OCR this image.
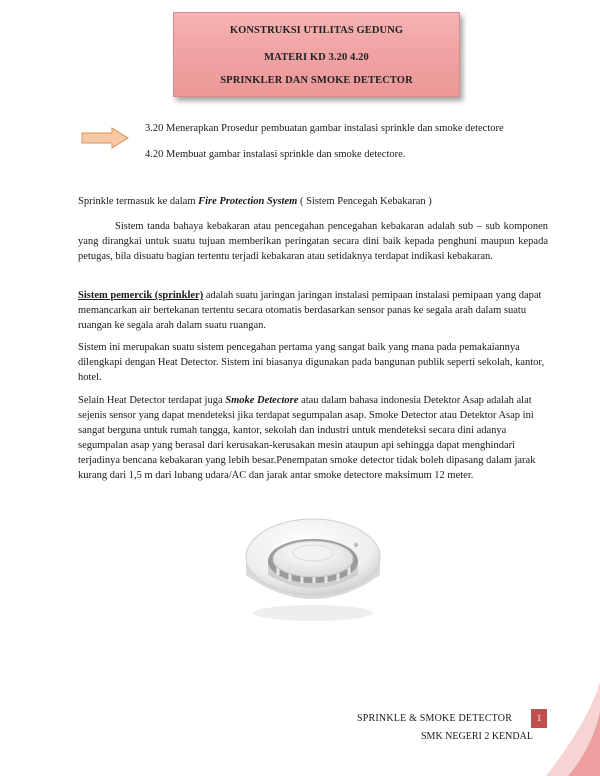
KONSTRUKSI UTILITAS GEDUNG
MATERI KD 3.20 4.20
SPRINKLER DAN SMOKE DETECTOR
3.20 Menerapkan Prosedur pembuatan gambar instalasi sprinkle dan smoke detectore
4.20 Membuat gambar instalasi sprinkle dan smoke detectore.
Sprinkle termasuk ke dalam Fire Protection System ( Sistem Pencegah Kebakaran )
Sistem tanda bahaya kebakaran atau pencegahan pencegahan kebakaran adalah sub – sub komponen yang dirangkai untuk suatu tujuan memberikan peringatan secara dini baik kepada penghuni maupun kepada petugas, bila disuatu bagian tertentu terjadi kebakaran atau setidaknya terdapat indikasi kebakaran.
Sistem pemercik (sprinkler) adalah suatu jaringan jaringan instalasi pemipaan instalasi pemipaan yang dapat memancarkan air bertekanan tertentu secara otomatis berdasarkan sensor panas ke segala arah dalam suatu ruangan ke segala arah dalam suatu ruangan.
Sistem ini merupakan suatu sistem pencegahan pertama yang sangat baik yang mana pada pemakaiannya dilengkapi dengan Heat Detector. Sistem ini biasanya digunakan pada bangunan publik seperti sekolah, kantor, hotel.
Selain Heat Detector terdapat juga Smoke Detectore atau dalam bahasa indonesia Detektor Asap adalah alat sejenis sensor yang dapat mendeteksi jika terdapat segumpalan asap. Smoke Detector atau Detektor Asap ini sangat berguna untuk rumah tangga, kantor, sekolah dan industri untuk mendeteksi secara dini adanya segumpalan asap yang berasal dari kerusakan-kerusakan mesin ataupun api sehingga dapat menghindari terjadinya bencana kebakaran yang lebih besar.Penempatan smoke detector tidak boleh dipasang dalam jarak kurang dari 1,5 m dari lubang udara/AC dan jarak antar smoke detectore maksimum 12 meter.
SPRINKLE & SMOKE DETECTOR
SMK NEGERI 2 KENDAL
1
